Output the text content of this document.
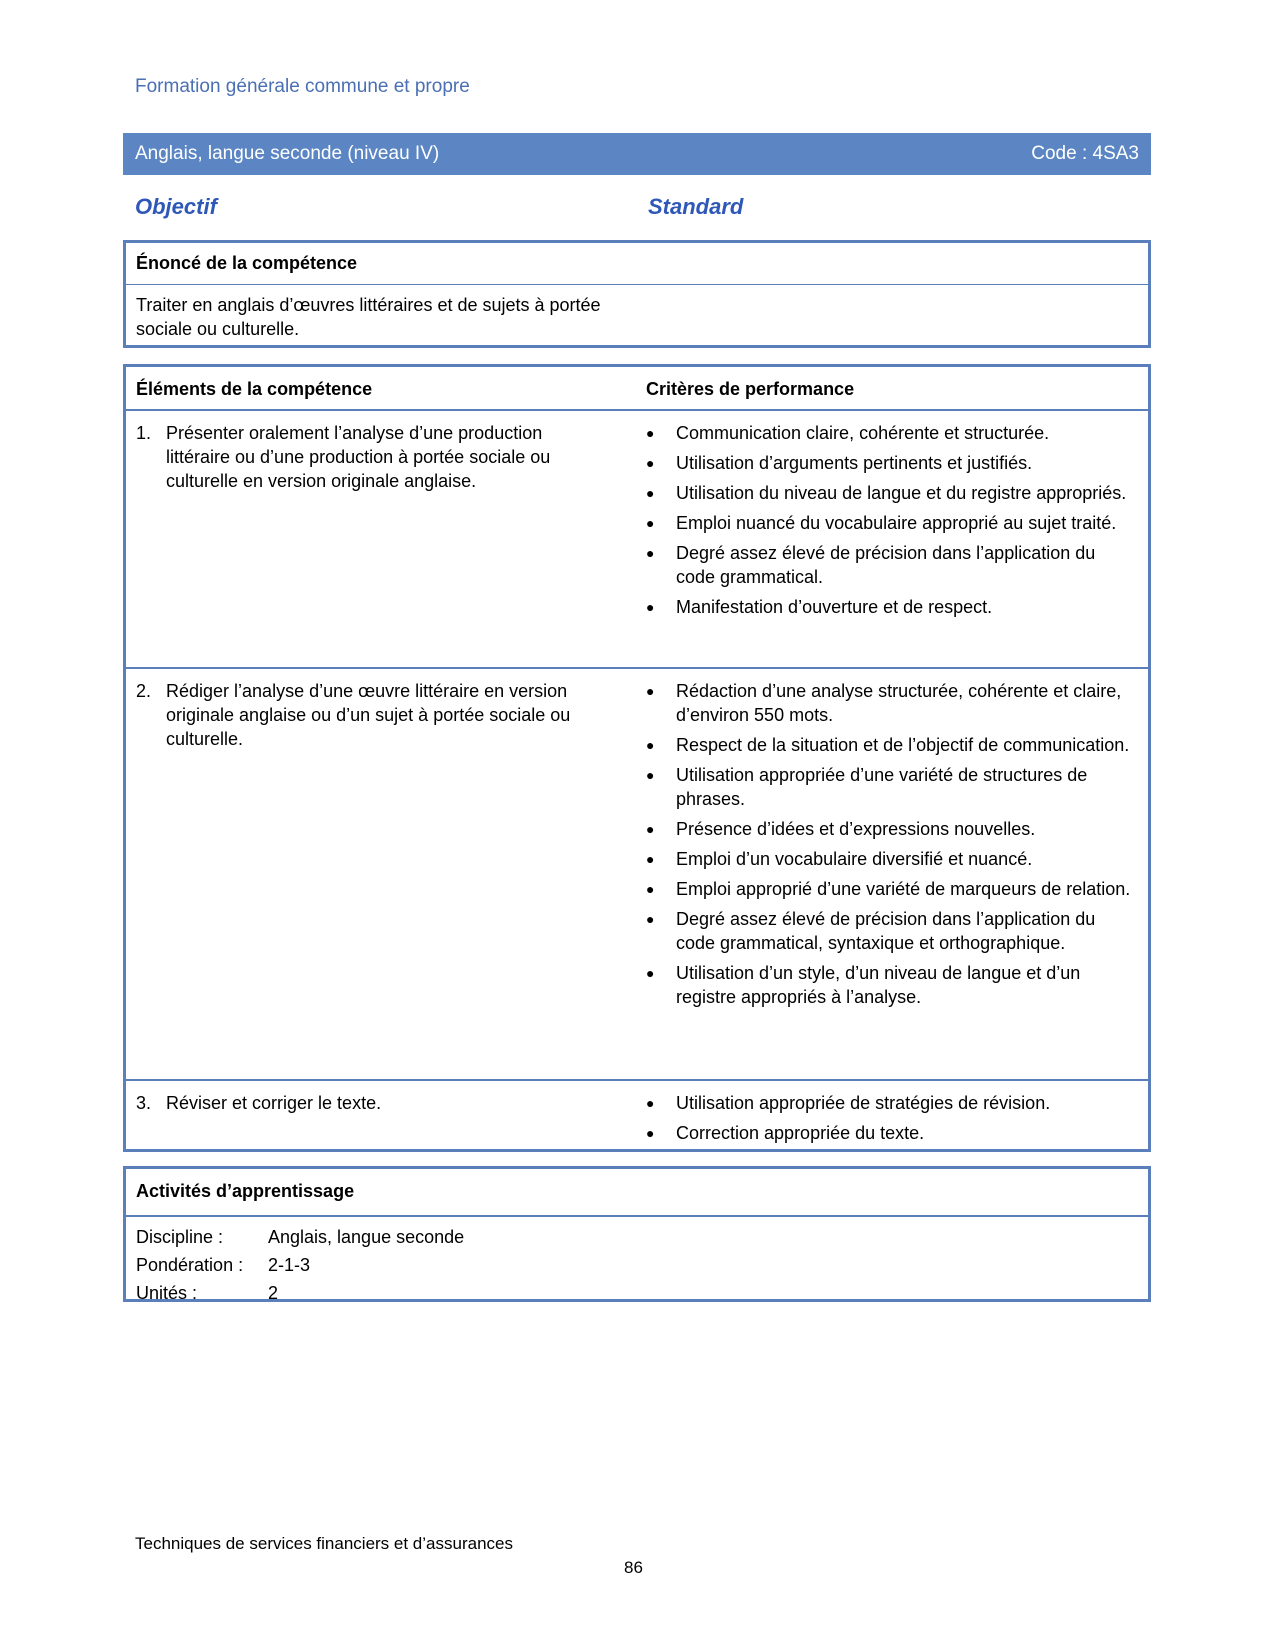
Formation générale commune et propre
Anglais, langue seconde (niveau IV)	Code : 4SA3
Objectif	Standard
Énoncé de la compétence
Traiter en anglais d’œuvres littéraires et de sujets à portée sociale ou culturelle.
Éléments de la compétence	Critères de performance
1. Présenter oralement l’analyse d’une production littéraire ou d’une production à portée sociale ou culturelle en version originale anglaise.
●	Communication claire, cohérente et structurée.
●	Utilisation d’arguments pertinents et justifiés.
●	Utilisation du niveau de langue et du registre appropriés.
●	Emploi nuancé du vocabulaire approprié au sujet traité.
●	Degré assez élevé de précision dans l’application du code grammatical.
●	Manifestation d’ouverture et de respect.
2. Rédiger l’analyse d’une œuvre littéraire en version originale anglaise ou d’un sujet à portée sociale ou culturelle.
●	Rédaction d’une analyse structurée, cohérente et claire, d’environ 550 mots.
●	Respect de la situation et de l’objectif de communication.
●	Utilisation appropriée d’une variété de structures de phrases.
●	Présence d’idées et d’expressions nouvelles.
●	Emploi d’un vocabulaire diversifié et nuancé.
●	Emploi approprié d’une variété de marqueurs de relation.
●	Degré assez élevé de précision dans l’application du code grammatical, syntaxique et orthographique.
●	Utilisation d’un style, d’un niveau de langue et d’un registre appropriés à l’analyse.
3. Réviser et corriger le texte.	●	Utilisation appropriée de stratégies de révision.
●	Correction appropriée du texte.
Activités d’apprentissage
Discipline :	Anglais, langue seconde
Pondération :	2-1-3
Unités :	2
Techniques de services financiers et d’assurances
86
